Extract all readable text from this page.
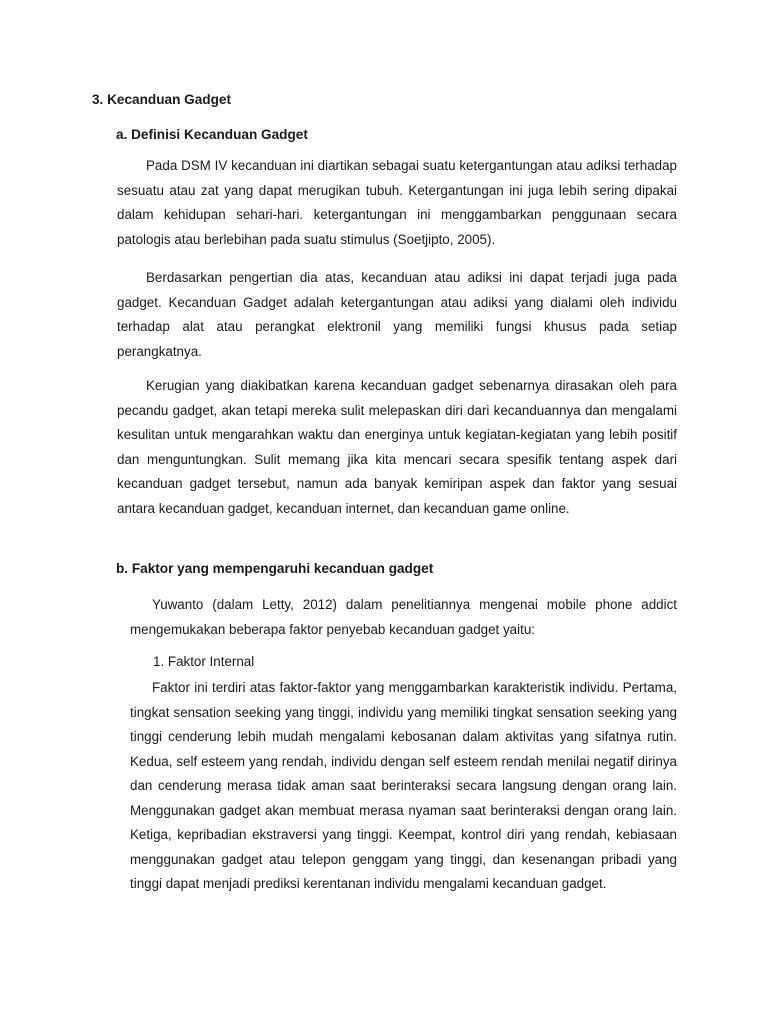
3. Kecanduan Gadget
a. Definisi Kecanduan Gadget

Pada DSM IV kecanduan ini diartikan sebagai suatu ketergantungan atau adiksi terhadap sesuatu atau zat yang dapat merugikan tubuh. Ketergantungan ini juga lebih sering dipakai dalam kehidupan sehari-hari. ketergantungan ini menggambarkan penggunaan secara patologis atau berlebihan pada suatu stimulus (Soetjipto, 2005).

Berdasarkan pengertian dia atas, kecanduan atau adiksi ini dapat terjadi juga pada gadget. Kecanduan Gadget adalah ketergantungan atau adiksi yang dialami oleh individu terhadap alat atau perangkat elektronil yang memiliki fungsi khusus pada setiap perangkatnya.

Kerugian yang diakibatkan karena kecanduan gadget sebenarnya dirasakan oleh para pecandu gadget, akan tetapi mereka sulit melepaskan diri dari kecanduannya dan mengalami kesulitan untuk mengarahkan waktu dan energinya untuk kegiatan-kegiatan yang lebih positif dan menguntungkan. Sulit memang jika kita mencari secara spesifik tentang aspek dari kecanduan gadget tersebut, namun ada banyak kemiripan aspek dan faktor yang sesuai antara kecanduan gadget, kecanduan internet, dan kecanduan game online.

b. Faktor yang mempengaruhi kecanduan gadget

Yuwanto (dalam Letty, 2012) dalam penelitiannya mengenai mobile phone addict mengemukakan beberapa faktor penyebab kecanduan gadget yaitu:

1. Faktor Internal

Faktor ini terdiri atas faktor-faktor yang menggambarkan karakteristik individu. Pertama, tingkat sensation seeking yang tinggi, individu yang memiliki tingkat sensation seeking yang tinggi cenderung lebih mudah mengalami kebosanan dalam aktivitas yang sifatnya rutin. Kedua, self esteem yang rendah, individu dengan self esteem rendah menilai negatif dirinya dan cenderung merasa tidak aman saat berinteraksi secara langsung dengan orang lain. Menggunakan gadget akan membuat merasa nyaman saat berinteraksi dengan orang lain. Ketiga, kepribadian ekstraversi yang tinggi. Keempat, kontrol diri yang rendah, kebiasaan menggunakan gadget atau telepon genggam yang tinggi, dan kesenangan pribadi yang tinggi dapat menjadi prediksi kerentanan individu mengalami kecanduan gadget.
